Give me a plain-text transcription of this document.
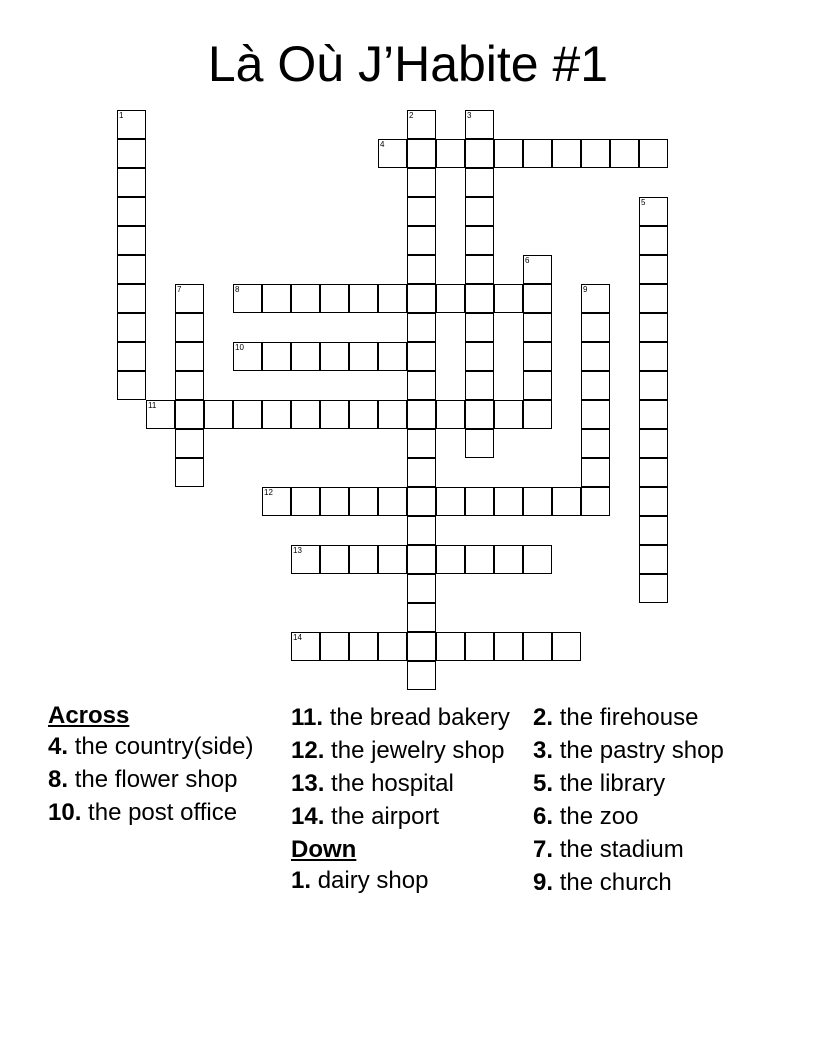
Là Où J’Habite #1
4
8
10
11
12
13
14
1	2	3
5
6
7	9
Across
4. the country(side)
8. the flower shop
10. the post office
11. the bread bakery
12. the jewelry shop
13. the hospital
14. the airport
Down
1. dairy shop
2. the firehouse
3. the pastry shop
5. the library
6. the zoo
7. the stadium
9. the church
